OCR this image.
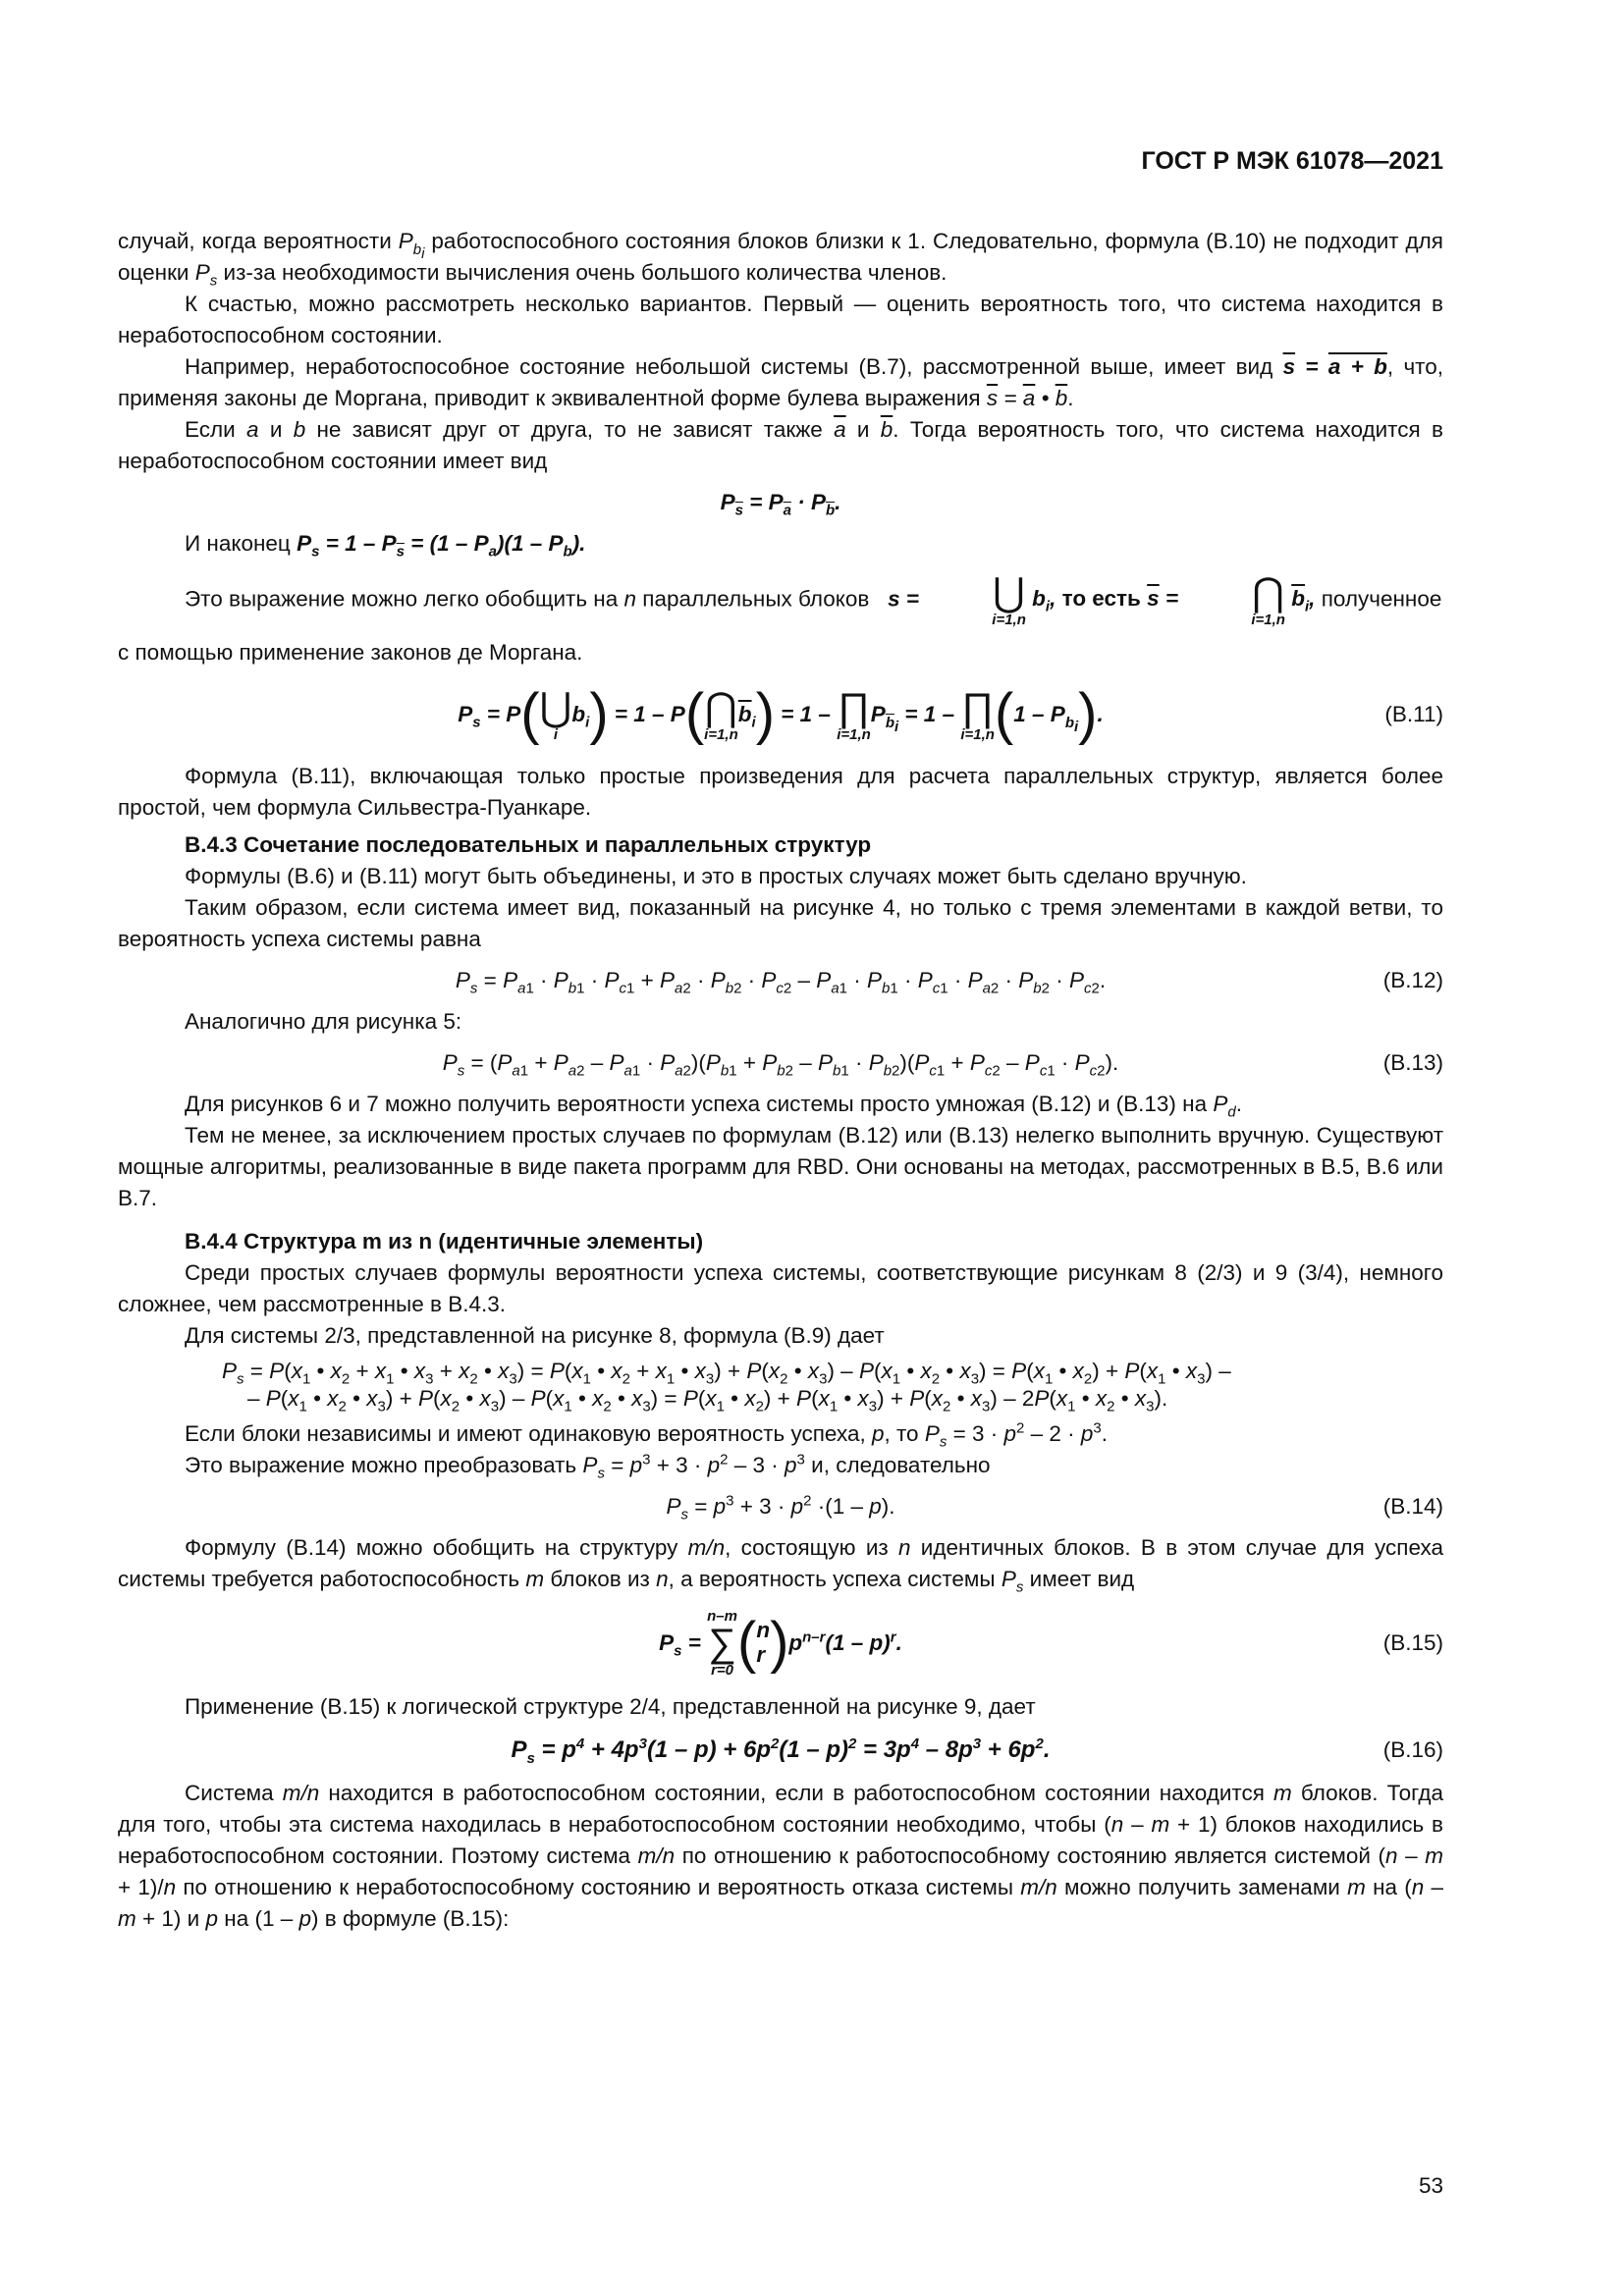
ГОСТ Р МЭК 61078—2021

случай, когда вероятности $P_{b_i}$ работоспособного состояния блоков близки к 1. Следовательно, формула (B.10) не подходит для оценки $P_s$ из-за необходимости вычисления очень большого количества членов.

К счастью, можно рассмотреть несколько вариантов. Первый — оценить вероятность того, что система находится в неработоспособном состоянии.

Например, неработоспособное состояние небольшой системы (B.7), рассмотренной выше, имеет вид $\overline{s} = a + b$, что, применяя законы де Моргана, приводит к эквивалентной форме булева выражения $\overline{s} = \overline{a}$ • $\overline{b}$.

Если a и b не зависят друг от друга, то не зависят также $\overline{a}$ и $\overline{b}$. Тогда вероятность того, что система находится в неработоспособном состоянии имеет вид

$P_{\overline{s}} = P_{\overline{a}} \cdot P_{\overline{b}}$.

И наконец $P_s = 1 - P_{\overline{s}} = (1 - P_a)(1 - P_b)$.

Это выражение можно легко обобщить на n параллельных блоков s =	⋃
i=1,n
$b_i$, то есть $\overline{s}$ =	⋂
i=1,n
$\overline{b}_i$, полученное

с помощью применение законов де Моргана.

$P_s = P$ ( ⋃
i
$b_i$ ) = 1 – P ( ⋂
i=1,n
$\overline{b}_i$ ) = 1 – ∏
i=1,n
$P_{\overline{b}_i} = 1$ – ∏
i=1,n ( $1 - P_{b_i}$ ) .	(B.11)

Формула (B.11), включающая только простые произведения для расчета параллельных структур, является более простой, чем формула Сильвестра-Пуанкаре.

B.4.3 Сочетание последовательных и параллельных структур

Формулы (B.6) и (B.11) могут быть объединены, и это в простых случаях может быть сделано вручную.

Таким образом, если система имеет вид, показанный на рисунке 4, но только с тремя элементами в каждой ветви, то вероятность успеха системы равна

$P_s = P_{a1} \cdot P_{b1} \cdot P_{c1} + P_{a2} \cdot P_{b2} \cdot P_{c2} - P_{a1} \cdot P_{b1} \cdot P_{c1} \cdot P_{a2} \cdot P_{b2} \cdot P_{c2}$.	(B.12)

Аналогично для рисунка 5:

$P_s = (P_{a1} + P_{a2} - P_{a1} \cdot P_{a2})(P_{b1} + P_{b2} - P_{b1} \cdot P_{b2})(P_{c1} + P_{c2} - P_{c1} \cdot P_{c2})$.	(B.13)

Для рисунков 6 и 7 можно получить вероятности успеха системы просто умножая (B.12) и (B.13) на $P_d$.

Тем не менее, за исключением простых случаев по формулам (B.12) или (B.13) нелегко выполнить вручную. Существуют мощные алгоритмы, реализованные в виде пакета программ для RBD. Они основаны на методах, рассмотренных в B.5, B.6 или B.7.

B.4.4 Структура m из n (идентичные элементы)

Среди простых случаев формулы вероятности успеха системы, соответствующие рисункам 8 (2/3) и 9 (3/4), немного сложнее, чем рассмотренные в B.4.3.

Для системы 2/3, представленной на рисунке 8, формула (B.9) дает

$P_s = P(x_1$ • $x_2 + x_1$ • $x_3 + x_2$ • $x_3) = P(x_1$ • $x_2 + x_1$ • $x_3) + P(x_2$ • $x_3) - P(x_1$ • $x_2$ • $x_3) = P(x_1$ • $x_2) + P(x_1$ • $x_3$) –
– $P(x_1$ • $x_2$ • $x_3) + P(x_2$ • $x_3) - P(x_1$ • $x_2$ • $x_3) = P(x_1$ • $x_2) + P(x_1$ • $x_3) + P(x_2$ • $x_3) - 2P(x_1$ • $x_2$ • $x_3$).

Если блоки независимы и имеют одинаковую вероятность успеха, p, то $P_s = 3 \cdot p^2 - 2 \cdot p^3$.

Это выражение можно преобразовать $P_s = p^3 + 3 \cdot p^2 - 3 \cdot p^3$ и, следовательно

$P_s = p^3 + 3 \cdot p^2 \cdot(1 - p)$.	(B.14)

Формулу (B.14) можно обобщить на структуру m/n, состоящую из n идентичных блоков. В в этом случае для успеха системы требуется работоспособность m блоков из n, а вероятность успеха системы $P_s$ имеет вид

$P_s$ =
n–m
∑
r=0 ( n
r ) $p^{n-r}(1 - p)^r$.	(B.15)

Применение (B.15) к логической структуре 2/4, представленной на рисунке 9, дает

$P_s = p^4 + 4p^3(1 - p) + 6p^2(1 - p)^2 = 3p^4 - 8p^3 + 6p^2$.	(B.16)

Система m/n находится в работоспособном состоянии, если в работоспособном состоянии находится m блоков. Тогда для того, чтобы эта система находилась в неработоспособном состоянии необходимо, чтобы (n – m + 1) блоков находились в неработоспособном состоянии. Поэтому система m/n по отношению к работоспособному состоянию является системой (n – m + 1)/n по отношению к неработоспособному состоянию и вероятность отказа системы m/n можно получить заменами m на (n – m + 1) и p на (1 – p) в формуле (B.15):

53
